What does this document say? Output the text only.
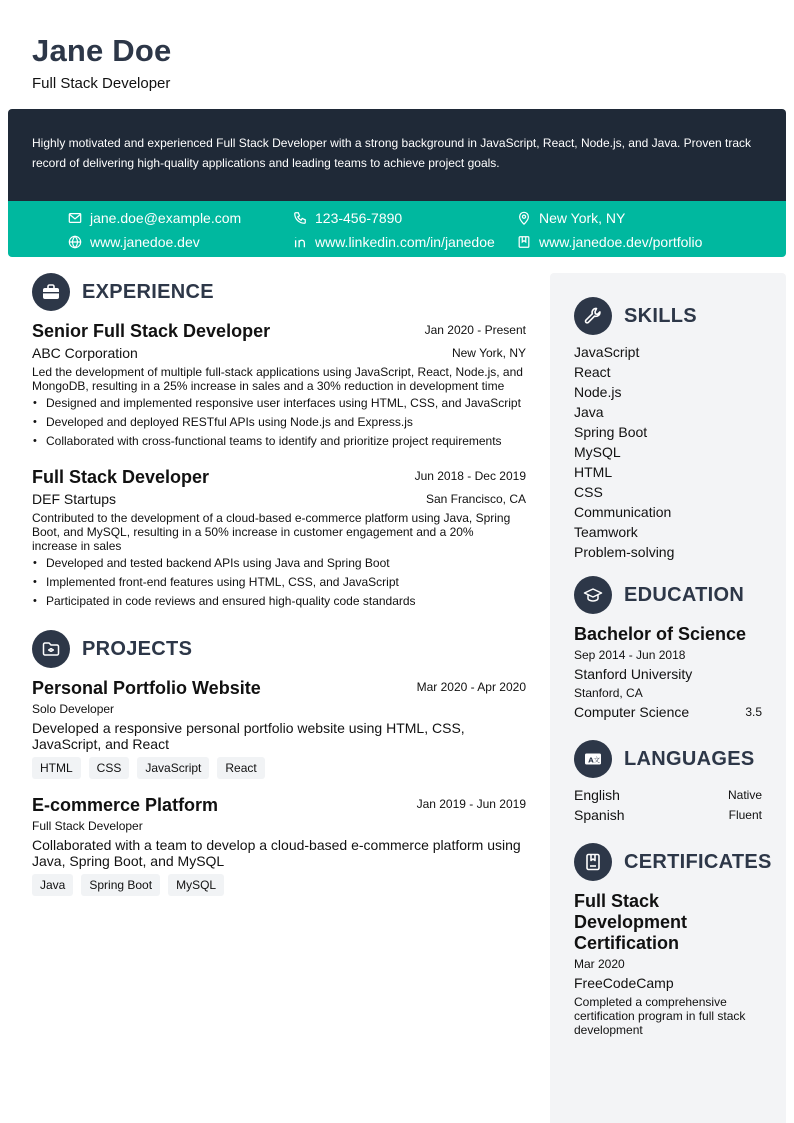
Jane Doe
Full Stack Developer
Highly motivated and experienced Full Stack Developer with a strong background in JavaScript, React, Node.js, and Java. Proven track record of delivering high-quality applications and leading teams to achieve project goals.
jane.doe@example.com	123-456-7890	New York, NY
www.janedoe.dev	www.linkedin.com/in/janedoe	www.janedoe.dev/portfolio
EXPERIENCE
Senior Full Stack Developer	Jan 2020 - Present
ABC Corporation	New York, NY
Led the development of multiple full-stack applications using JavaScript, React, Node.js, and MongoDB, resulting in a 25% increase in sales and a 30% reduction in development time
• Designed and implemented responsive user interfaces using HTML, CSS, and JavaScript
• Developed and deployed RESTful APIs using Node.js and Express.js
• Collaborated with cross-functional teams to identify and prioritize project requirements
Full Stack Developer	Jun 2018 - Dec 2019
DEF Startups	San Francisco, CA
Contributed to the development of a cloud-based e-commerce platform using Java, Spring Boot, and MySQL, resulting in a 50% increase in customer engagement and a 20% increase in sales
• Developed and tested backend APIs using Java and Spring Boot
• Implemented front-end features using HTML, CSS, and JavaScript
• Participated in code reviews and ensured high-quality code standards
PROJECTS
Personal Portfolio Website	Mar 2020 - Apr 2020
Solo Developer
Developed a responsive personal portfolio website using HTML, CSS, JavaScript, and React
HTML	CSS	JavaScript	React
E-commerce Platform	Jan 2019 - Jun 2019
Full Stack Developer
Collaborated with a team to develop a cloud-based e-commerce platform using Java, Spring Boot, and MySQL
Java	Spring Boot	MySQL
SKILLS
JavaScript
React
Node.js
Java
Spring Boot
MySQL
HTML
CSS
Communication
Teamwork
Problem-solving
EDUCATION
Bachelor of Science
Sep 2014 - Jun 2018
Stanford University
Stanford, CA
Computer Science	3.5
A 文 LANGUAGES
English	Native
Spanish	Fluent
CERTIFICATES
Full Stack Development Certification
Mar 2020
FreeCodeCamp
Completed a comprehensive certification program in full stack development
